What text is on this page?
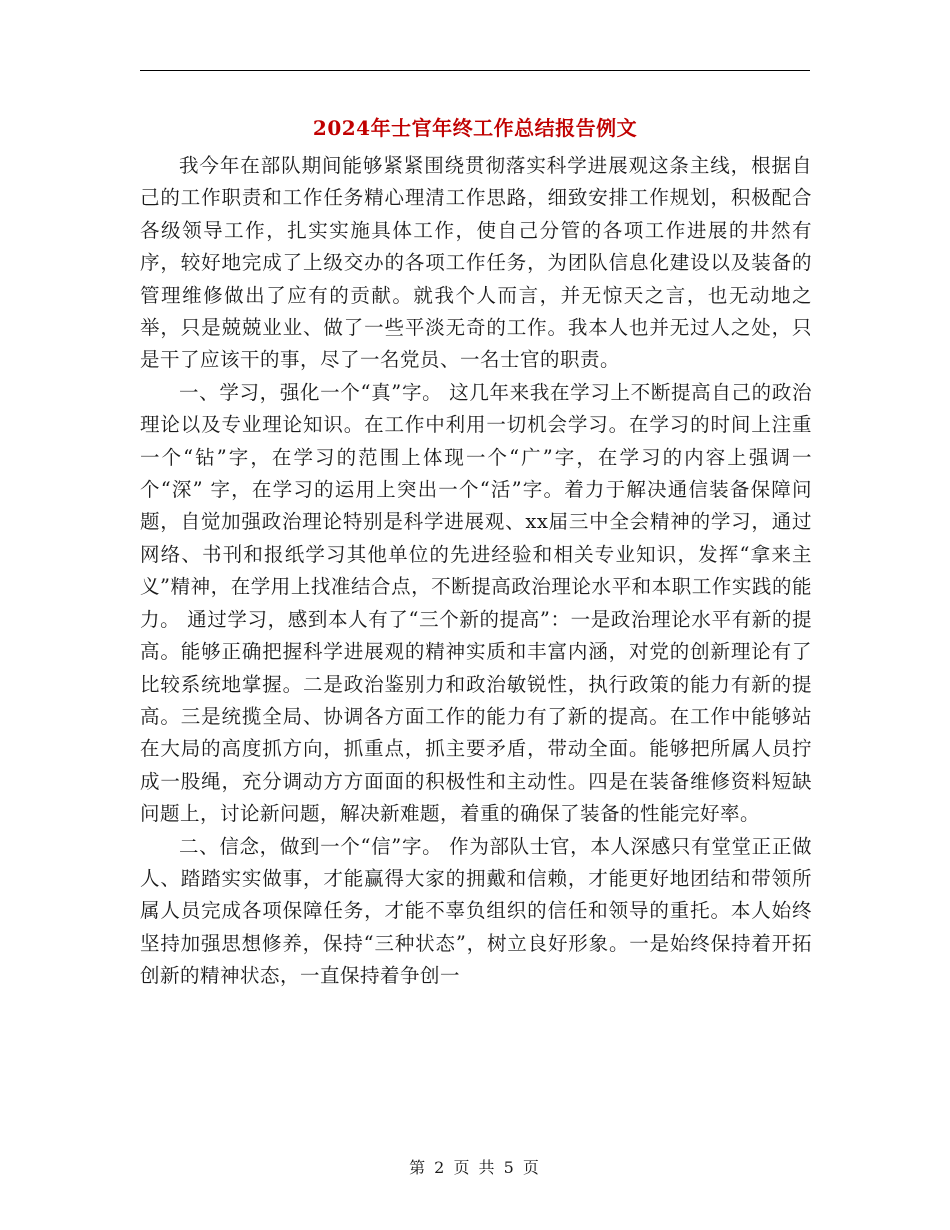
2024年士官年终工作总结报告例文

我今年在部队期间能够紧紧围绕贯彻落实科学进展观这条主线，根据自己的工作职责和工作任务精心理清工作思路，细致安排工作规划，积极配合各级领导工作，扎实实施具体工作，使自己分管的各项工作进展的井然有序，较好地完成了上级交办的各项工作任务，为团队信息化建设以及装备的管理维修做出了应有的贡献。就我个人而言，并无惊天之言，也无动地之举，只是兢兢业业、做了一些平淡无奇的工作。我本人也并无过人之处，只是干了应该干的事，尽了一名党员、一名士官的职责。

一、学习，强化一个“真”字。 这几年来我在学习上不断提高自己的政治理论以及专业理论知识。在工作中利用一切机会学习。在学习的时间上注重一个“钻”字，在学习的范围上体现一个“广”字，在学习的内容上强调一个“深” 字，在学习的运用上突出一个“活”字。着力于解决通信装备保障问题，自觉加强政治理论特别是科学进展观、xx届三中全会精神的学习，通过网络、书刊和报纸学习其他单位的先进经验和相关专业知识，发挥“拿来主义”精神，在学用上找准结合点，不断提高政治理论水平和本职工作实践的能力。 通过学习，感到本人有了“三个新的提高”：一是政治理论水平有新的提高。能够正确把握科学进展观的精神实质和丰富内涵，对党的创新理论有了比较系统地掌握。二是政治鉴别力和政治敏锐性，执行政策的能力有新的提高。三是统揽全局、协调各方面工作的能力有了新的提高。在工作中能够站在大局的高度抓方向，抓重点，抓主要矛盾，带动全面。能够把所属人员拧成一股绳，充分调动方方面面的积极性和主动性。四是在装备维修资料短缺问题上，讨论新问题，解决新难题，着重的确保了装备的性能完好率。

二、信念，做到一个“信”字。 作为部队士官，本人深感只有堂堂正正做人、踏踏实实做事，才能赢得大家的拥戴和信赖，才能更好地团结和带领所属人员完成各项保障任务，才能不辜负组织的信任和领导的重托。本人始终坚持加强思想修养，保持“三种状态”，树立良好形象。一是始终保持着开拓创新的精神状态，一直保持着争创一

第 2 页 共 5 页
